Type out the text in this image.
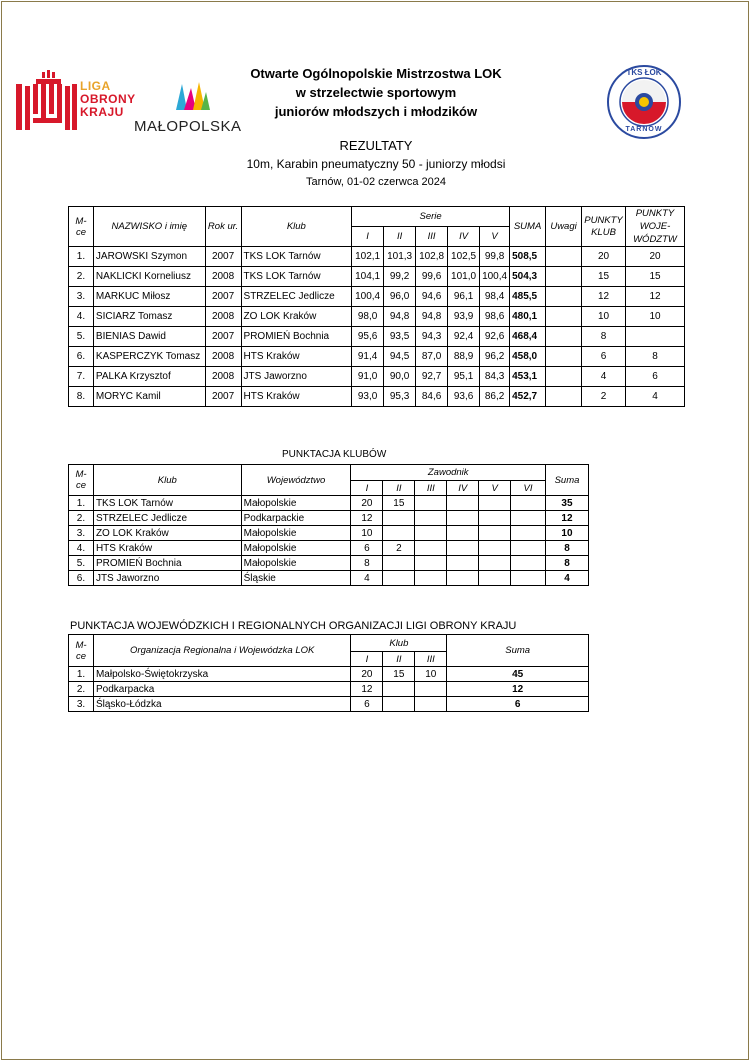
LIGA
OBRONY
KRAJU
MAŁOPOLSKA
TKS ŁOK
TARNÓW
Otwarte Ogólnopolskie Mistrzostwa LOK
w strzelectwie sportowym
juniorów młodszych i młodzików
REZULTATY
10m, Karabin pneumatyczny 50 - juniorzy młodsi
Tarnów, 01-02 czerwca 2024
M-ce	NAZWISKO i imię	Rok ur.	Klub	Serie					SUMA	Uwagi	PUNKTY KLUB	PUNKTY WOJE-WÓDZTW
				I	II	III	IV	V				
1.	JAROWSKI Szymon	2007	TKS LOK Tarnów	102,1	101,3	102,8	102,5	99,8	508,5		20	20
2.	NAKLICKI Korneliusz	2008	TKS LOK Tarnów	104,1	99,2	99,6	101,0	100,4	504,3		15	15
3.	MARKUC Miłosz	2007	STRZELEC Jedlicze	100,4	96,0	94,6	96,1	98,4	485,5		12	12
4.	SICIARZ Tomasz	2008	ZO LOK Kraków	98,0	94,8	94,8	93,9	98,6	480,1		10	10
5.	BIENIAS Dawid	2007	PROMIEŃ Bochnia	95,6	93,5	94,3	92,4	92,6	468,4		8	
6.	KASPERCZYK Tomasz	2008	HTS Kraków	91,4	94,5	87,0	88,9	96,2	458,0		6	8
7.	PALKA Krzysztof	2008	JTS Jaworzno	91,0	90,0	92,7	95,1	84,3	453,1		4	6
8.	MORYC Kamil	2007	HTS Kraków	93,0	95,3	84,6	93,6	86,2	452,7		2	4
PUNKTACJA KLUBÓW
M-ce	Klub	Województwo	Zawodnik						Suma
			I	II	III	IV	V	VI	
1.	TKS LOK Tarnów	Małopolskie	20	15					35
2.	STRZELEC Jedlicze	Podkarpackie	12						12
3.	ZO LOK Kraków	Małopolskie	10						10
4.	HTS Kraków	Małopolskie	6	2					8
5.	PROMIEŃ Bochnia	Małopolskie	8						8
6.	JTS Jaworzno	Śląskie	4						4
PUNKTACJA WOJEWÓDZKICH I REGIONALNYCH ORGANIZACJI LIGI OBRONY KRAJU
M-ce	Organizacja Regionalna i Wojewódzka LOK	Klub			Suma
		I	II	III	
1.	Małpolsko-Świętokrzyska	20	15	10	45
2.	Podkarpacka	12			12
3.	Śląsko-Łódzka	6			6
